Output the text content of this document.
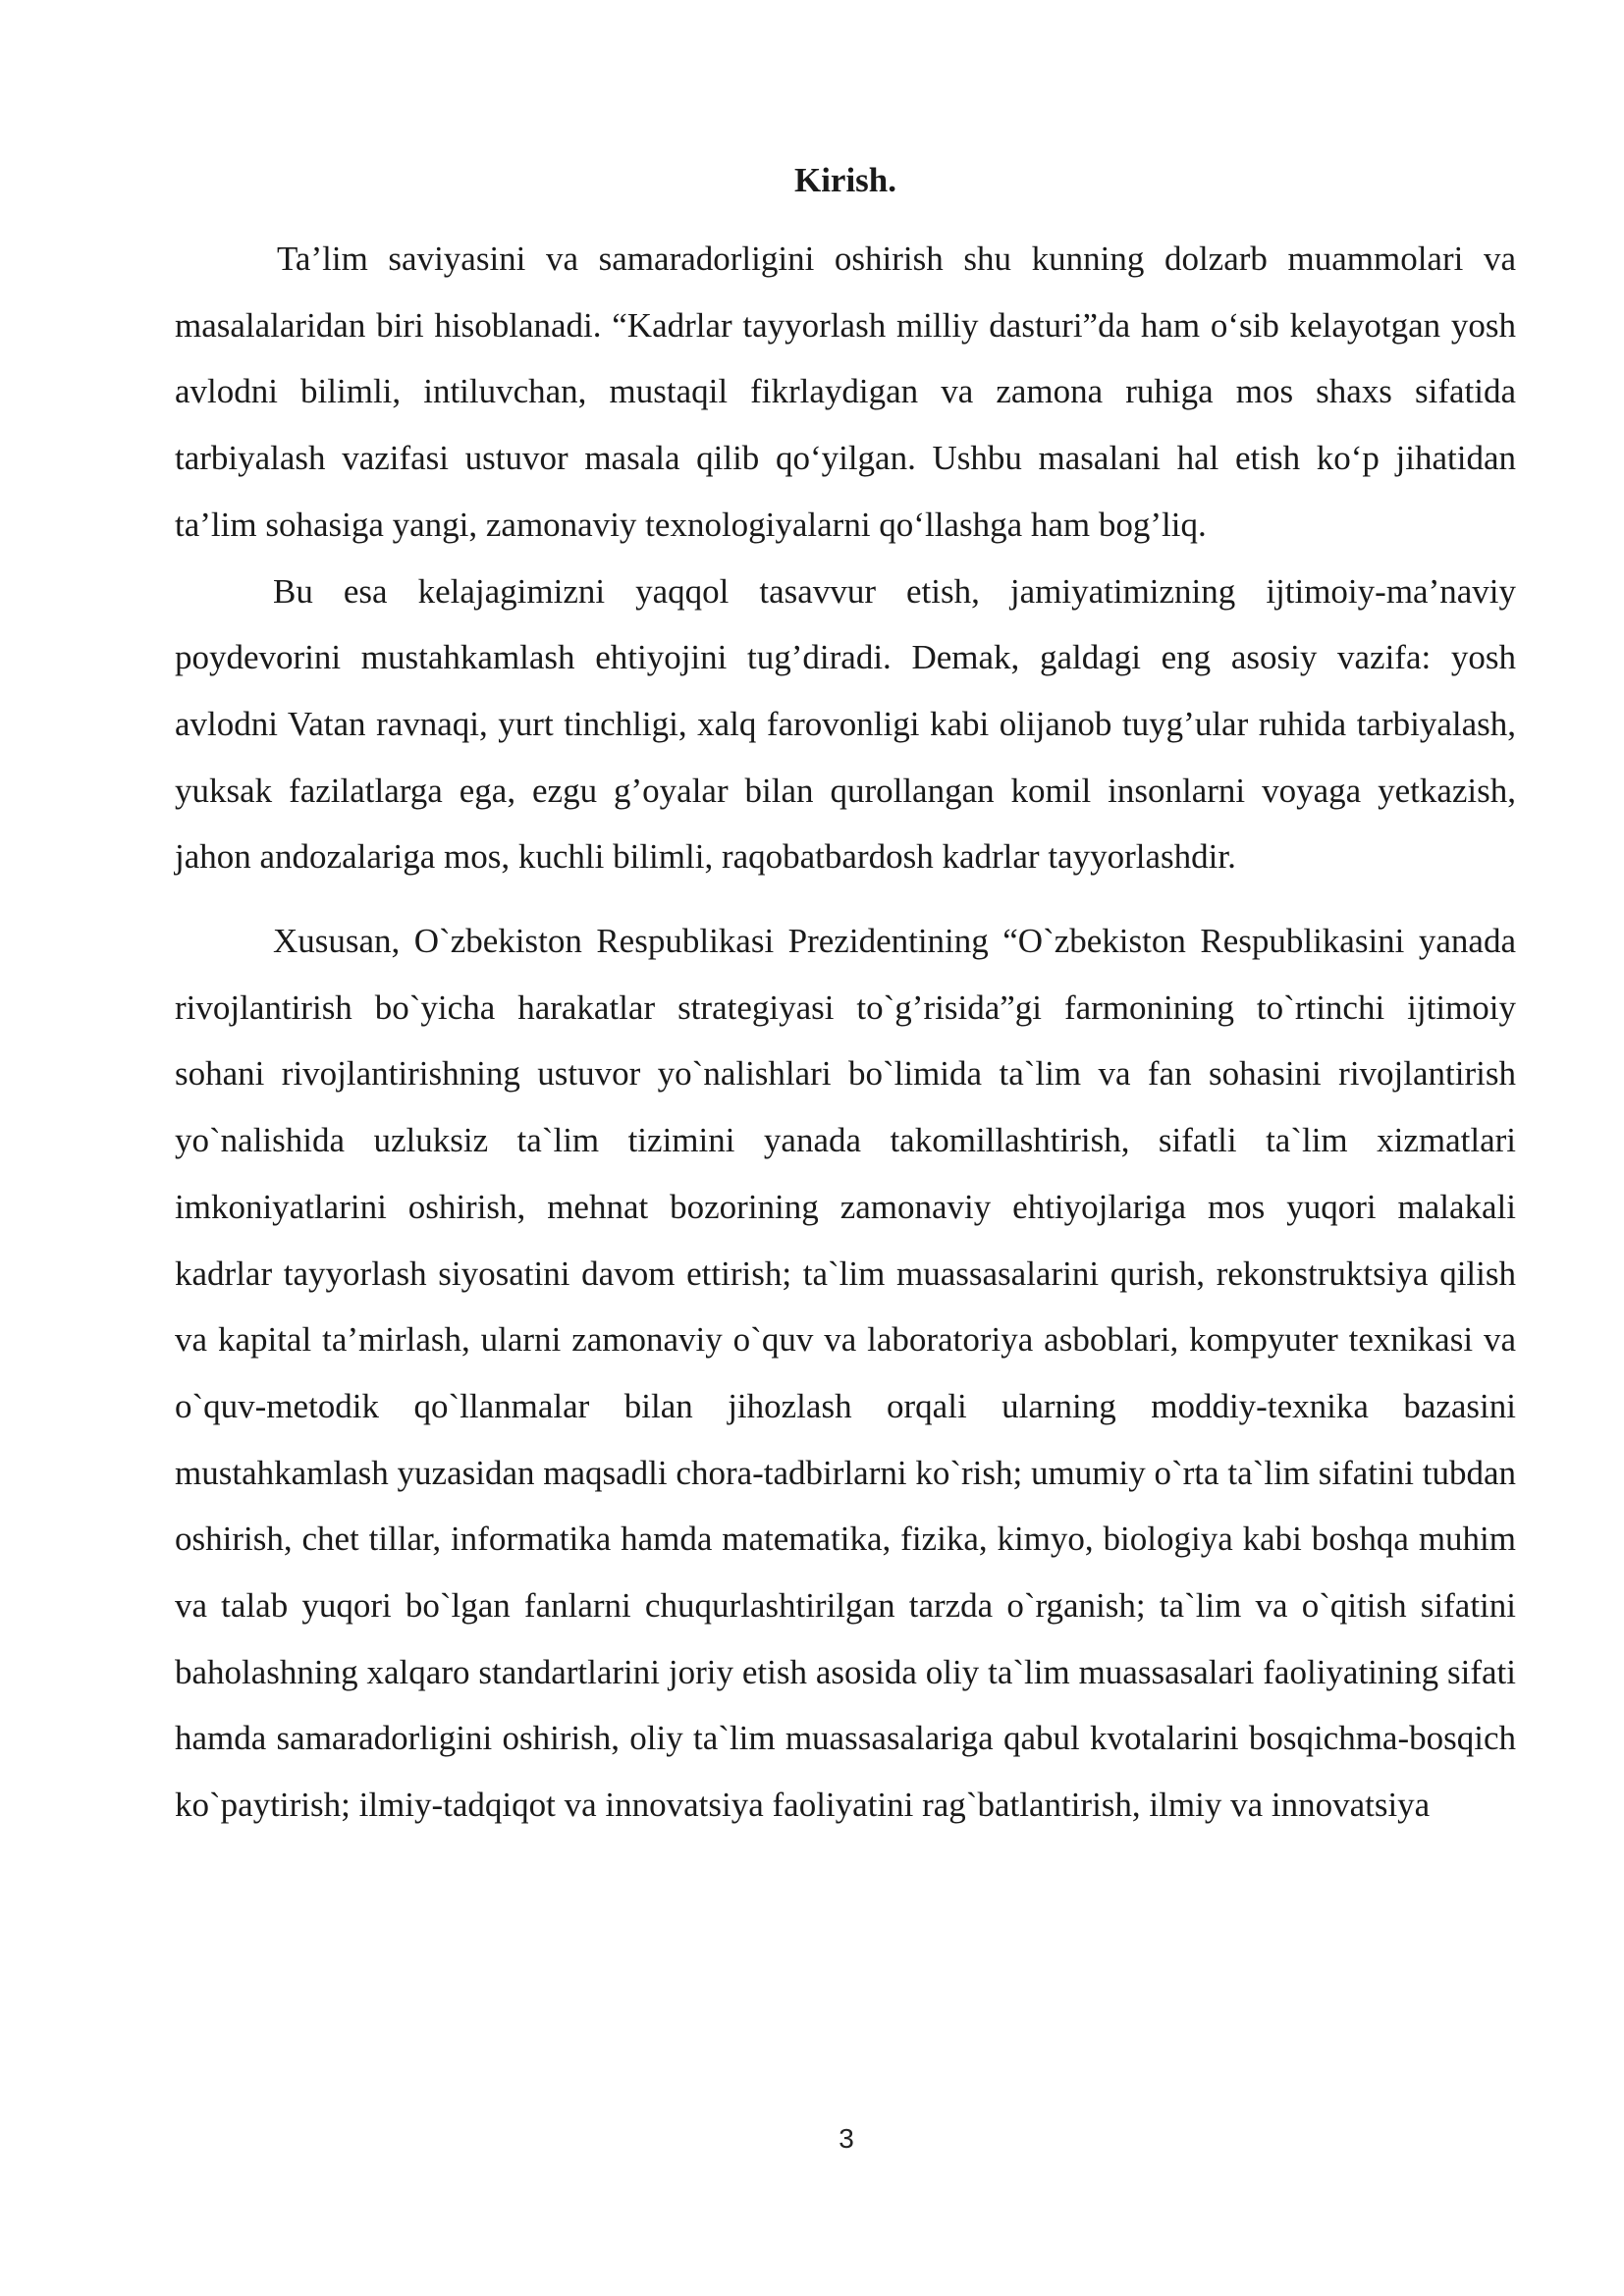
Kirish.

Ta’lim saviyasini va samaradorligini oshirish shu kunning dolzarb muammolari va masalalaridan biri hisoblanadi. “Kadrlar tayyorlash milliy dasturi”da ham o‘sib kelayotgan yosh avlodni bilimli, intiluvchan, mustaqil fikrlaydigan va zamona ruhiga mos shaxs sifatida tarbiyalash vazifasi ustuvor masala qilib qo‘yilgan. Ushbu masalani hal etish ko‘p jihatidan ta’lim sohasiga yangi, zamonaviy texnologiyalarni qo‘llashga ham bog’liq.

Bu esa kelajagimizni yaqqol tasavvur etish, jamiyatimizning ijtimoiy-ma’naviy poydevorini mustahkamlash ehtiyojini tug’diradi. Demak, galdagi eng asosiy vazifa: yosh avlodni Vatan ravnaqi, yurt tinchligi, xalq farovonligi kabi olijanob tuyg’ular ruhida tarbiyalash, yuksak fazilatlarga ega, ezgu g’oyalar bilan qurollangan komil insonlarni voyaga yetkazish, jahon andozalariga mos, kuchli bilimli, raqobatbardosh kadrlar tayyorlashdir.

Xususan, O`zbekiston Respublikasi Prezidentining “O`zbekiston Respublikasini yanada rivojlantirish bo`yicha harakatlar strategiyasi to`g’risida”gi farmonining to`rtinchi ijtimoiy sohani rivojlantirishning ustuvor yo`nalishlari bo`limida ta`lim va fan sohasini rivojlantirish yo`nalishida uzluksiz ta`lim tizimini yanada takomillashtirish, sifatli ta`lim xizmatlari imkoniyatlarini oshirish, mehnat bozorining zamonaviy ehtiyojlariga mos yuqori malakali kadrlar tayyorlash siyosatini davom ettirish; ta`lim muassasalarini qurish, rekonstruktsiya qilish va kapital ta’mirlash, ularni zamonaviy o`quv va laboratoriya asboblari, kompyuter texnikasi va o`quv-metodik qo`llanmalar bilan jihozlash orqali ularning moddiy-texnika bazasini mustahkamlash yuzasidan maqsadli chora-tadbirlarni ko`rish; umumiy o`rta ta`lim sifatini tubdan oshirish, chet tillar, informatika hamda matematika, fizika, kimyo, biologiya kabi boshqa muhim va talab yuqori bo`lgan fanlarni chuqurlashtirilgan tarzda o`rganish; ta`lim va o`qitish sifatini baholashning xalqaro standartlarini joriy etish asosida oliy ta`lim muassasalari faoliyatining sifati hamda samaradorligini oshirish, oliy ta`lim muassasalariga qabul kvotalarini bosqichma-bosqich ko`paytirish; ilmiy-tadqiqot va innovatsiya faoliyatini rag`batlantirish, ilmiy va innovatsiya

3
